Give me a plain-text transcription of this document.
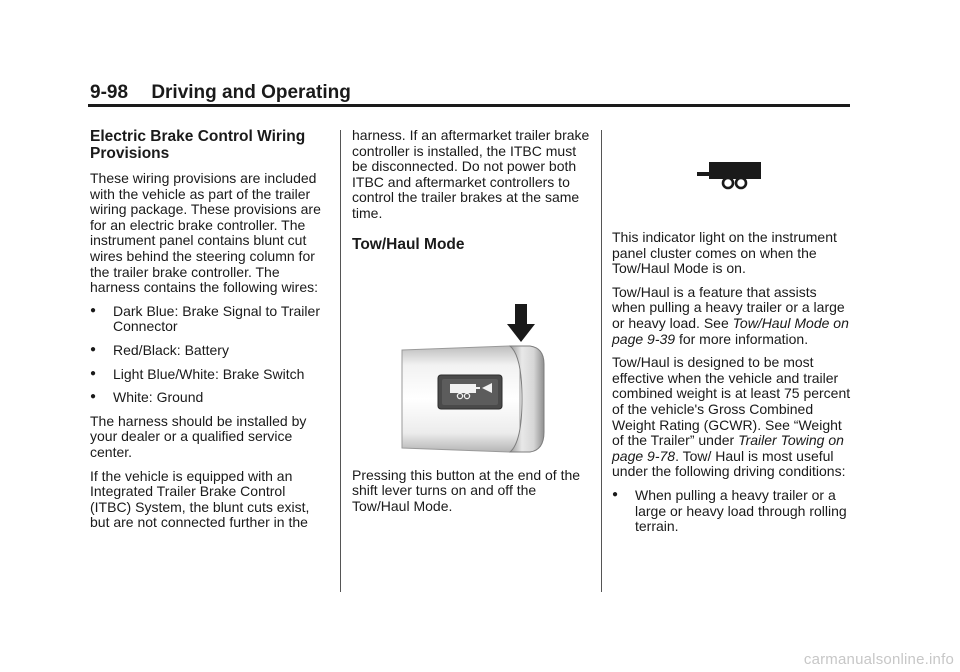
9-98 Driving and Operating
Electric Brake Control Wiring Provisions

These wiring provisions are included with the vehicle as part of the trailer wiring package. These provisions are for an electric brake controller. The instrument panel contains blunt cut wires behind the steering column for the trailer brake controller. The harness contains the following wires:

● Dark Blue: Brake Signal to Trailer Connector
● Red/Black: Battery
● Light Blue/White: Brake Switch
● White: Ground

The harness should be installed by your dealer or a qualified service center.

If the vehicle is equipped with an Integrated Trailer Brake Control (ITBC) System, the blunt cuts exist, but are not connected further in the

harness. If an aftermarket trailer brake controller is installed, the ITBC must be disconnected. Do not power both ITBC and aftermarket controllers to control the trailer brakes at the same time.

Tow/Haul Mode

Pressing this button at the end of the shift lever turns on and off the Tow/Haul Mode.

This indicator light on the instrument panel cluster comes on when the Tow/Haul Mode is on.

Tow/Haul is a feature that assists when pulling a heavy trailer or a large or heavy load. See Tow/Haul Mode on page 9-39 for more information.

Tow/Haul is designed to be most effective when the vehicle and trailer combined weight is at least 75 percent of the vehicle's Gross Combined Weight Rating (GCWR). See “Weight of the Trailer” under Trailer Towing on page 9-78. Tow/ Haul is most useful under the following driving conditions:

● When pulling a heavy trailer or a large or heavy load through rolling terrain.
carmanualsonline.info
